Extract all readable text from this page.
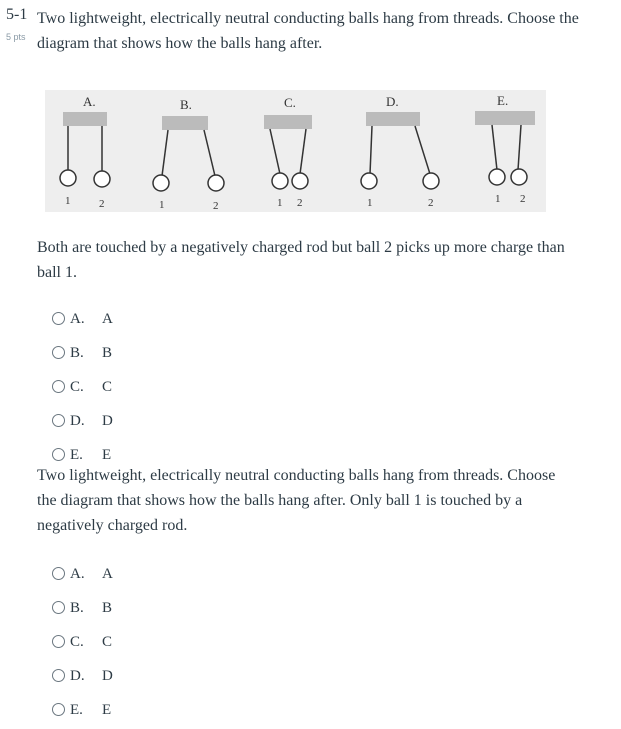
5-1
5 pts
Two lightweight, electrically neutral conducting balls hang from threads. Choose the diagram that shows how the balls hang after.
A.
1	2
B.
1	2
C.
1 2
D.
1	2
E.
1 2
Both are touched by a negatively charged rod but ball 2 picks up more charge than ball 1.
A.	A
B.	B
C.	C
D.	D
E.	E
Two lightweight, electrically neutral conducting balls hang from threads. Choose the diagram that shows how the balls hang after. Only ball 1 is touched by a negatively charged rod.
A.	A
B.	B
C.	C
D.	D
E.	E
